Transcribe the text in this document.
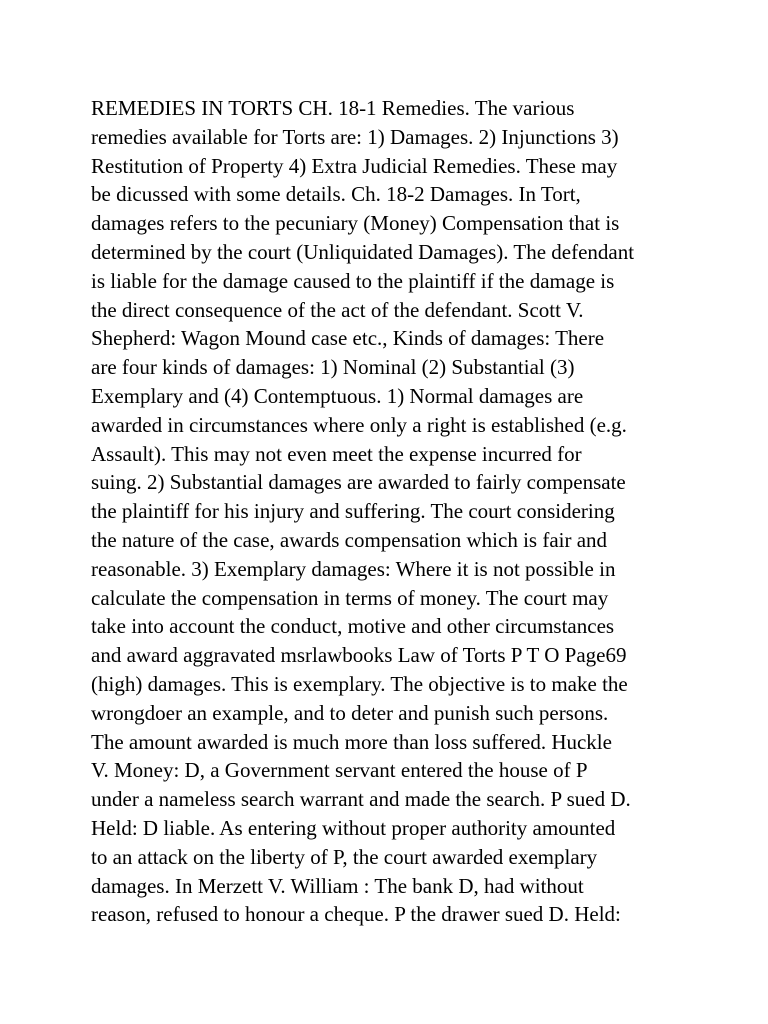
REMEDIES IN TORTS CH. 18-1 Remedies. The various
remedies available for Torts are: 1) Damages. 2) Injunctions 3)
Restitution of Property 4) Extra Judicial Remedies. These may
be dicussed with some details. Ch. 18-2 Damages. In Tort,
damages refers to the pecuniary (Money) Compensation that is
determined by the court (Unliquidated Damages). The defendant
is liable for the damage caused to the plaintiff if the damage is
the direct consequence of the act of the defendant. Scott V.
Shepherd: Wagon Mound case etc., Kinds of damages: There
are four kinds of damages: 1) Nominal (2) Substantial (3)
Exemplary and (4) Contemptuous. 1) Normal damages are
awarded in circumstances where only a right is established (e.g.
Assault). This may not even meet the expense incurred for
suing. 2) Substantial damages are awarded to fairly compensate
the plaintiff for his injury and suffering. The court considering
the nature of the case, awards compensation which is fair and
reasonable. 3) Exemplary damages: Where it is not possible in
calculate the compensation in terms of money. The court may
take into account the conduct, motive and other circumstances
and award aggravated msrlawbooks Law of Torts P T O Page69
(high) damages. This is exemplary. The objective is to make the
wrongdoer an example, and to deter and punish such persons.
The amount awarded is much more than loss suffered. Huckle
V. Money: D, a Government servant entered the house of P
under a nameless search warrant and made the search. P sued D.
Held: D liable. As entering without proper authority amounted
to an attack on the liberty of P, the court awarded exemplary
damages. In Merzett V. William : The bank D, had without
reason, refused to honour a cheque. P the drawer sued D. Held:
